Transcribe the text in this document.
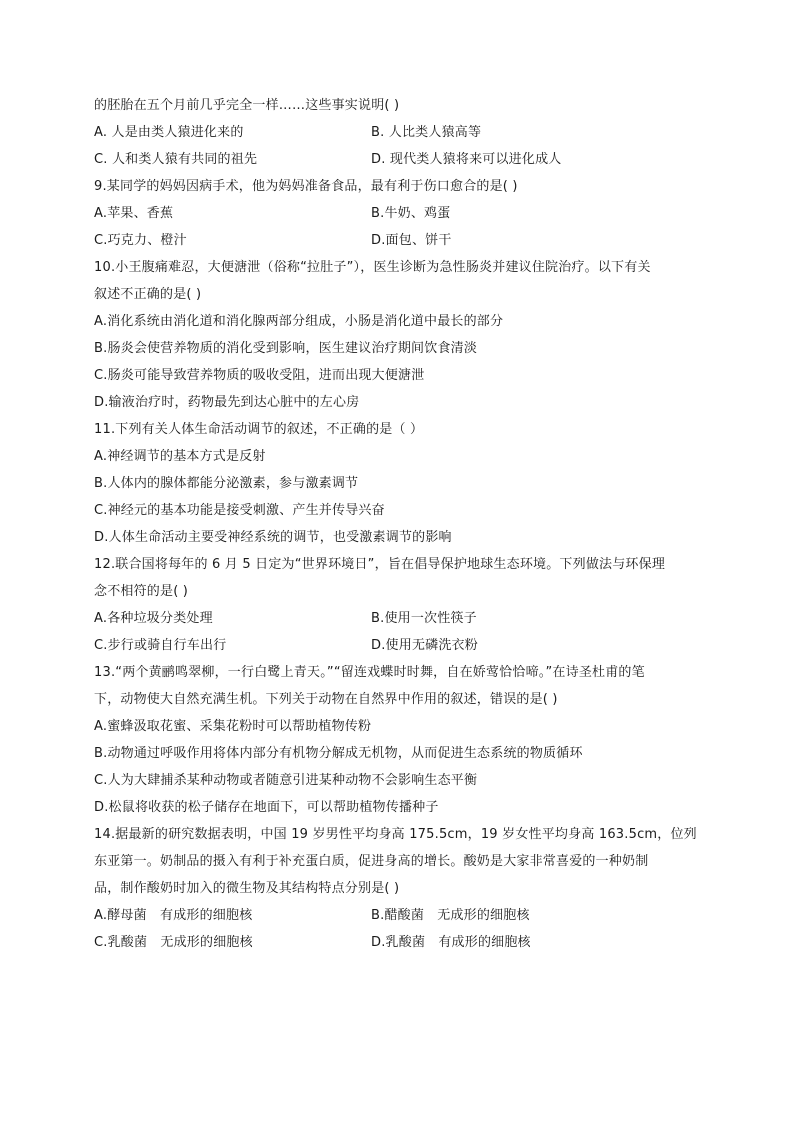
的胚胎在五个月前几乎完全一样……这些事实说明( )
A. 人是由类人猿进化来的	B. 人比类人猿高等
C. 人和类人猿有共同的祖先	D. 现代类人猿将来可以进化成人
9.某同学的妈妈因病手术，他为妈妈准备食品，最有利于伤口愈合的是( )
A.苹果、香蕉	B.牛奶、鸡蛋
C.巧克力、橙汁	D.面包、饼干
10.小王腹痛难忍，大便溏泄（俗称“拉肚子”），医生诊断为急性肠炎并建议住院治疗。以下有关
叙述不正确的是( )
A.消化系统由消化道和消化腺两部分组成，小肠是消化道中最长的部分
B.肠炎会使营养物质的消化受到影响，医生建议治疗期间饮食清淡
C.肠炎可能导致营养物质的吸收受阻，进而出现大便溏泄
D.输液治疗时，药物最先到达心脏中的左心房
11.下列有关人体生命活动调节的叙述，不正确的是（ ）
A.神经调节的基本方式是反射
B.人体内的腺体都能分泌激素，参与激素调节
C.神经元的基本功能是接受刺激、产生并传导兴奋
D.人体生命活动主要受神经系统的调节，也受激素调节的影响
12.联合国将每年的 6 月 5 日定为“世界环境日”，旨在倡导保护地球生态环境。下列做法与环保理
念不相符的是( )
A.各种垃圾分类处理	B.使用一次性筷子
C.步行或骑自行车出行	D.使用无磷洗衣粉
13.“两个黄鹂鸣翠柳，一行白鹭上青天。”“留连戏蝶时时舞，自在娇莺恰恰啼。”在诗圣杜甫的笔
下，动物使大自然充满生机。下列关于动物在自然界中作用的叙述，错误的是( )
A.蜜蜂汲取花蜜、采集花粉时可以帮助植物传粉
B.动物通过呼吸作用将体内部分有机物分解成无机物，从而促进生态系统的物质循环
C.人为大肆捕杀某种动物或者随意引进某种动物不会影响生态平衡
D.松鼠将收获的松子储存在地面下，可以帮助植物传播种子
14.据最新的研究数据表明，中国 19 岁男性平均身高 175.5cm，19 岁女性平均身高 163.5cm，位列
东亚第一。奶制品的摄入有利于补充蛋白质，促进身高的增长。酸奶是大家非常喜爱的一种奶制
品，制作酸奶时加入的微生物及其结构特点分别是( )
A.酵母菌　有成形的细胞核	B.醋酸菌　无成形的细胞核
C.乳酸菌　无成形的细胞核	D.乳酸菌　有成形的细胞核
